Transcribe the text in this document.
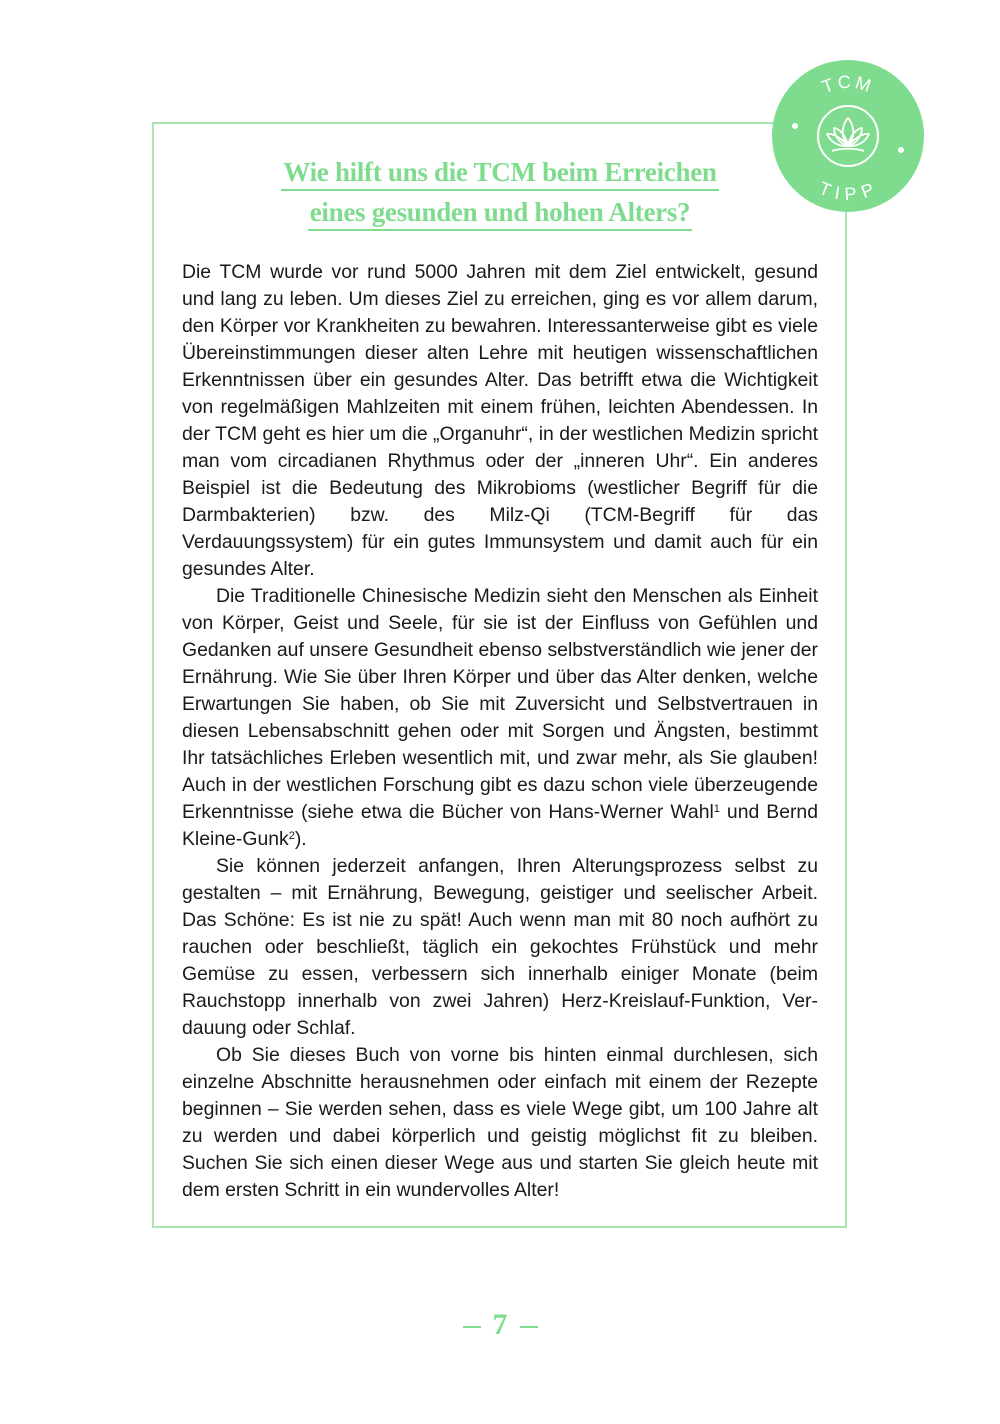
TCM
TIPP
Wie hilft uns die TCM beim Erreichen
eines gesunden und hohen Alters?

Die TCM wurde vor rund 5000 Jahren mit dem Ziel entwickelt, gesund und lang zu leben. Um dieses Ziel zu erreichen, ging es vor allem darum, den Körper vor Krankheiten zu bewahren. Interessanterweise gibt es viele Übereinstimmungen dieser alten Lehre mit heutigen wissenschaftlichen Erkenntnissen über ein gesundes Alter. Das betrifft etwa die Wichtigkeit von regelmäßigen Mahlzeiten mit einem frühen, leichten Abendessen. In der TCM geht es hier um die „Organuhr“, in der westlichen Medizin spricht man vom circadianen Rhythmus oder der „inneren Uhr“. Ein anderes Beispiel ist die Bedeutung des Mikrobioms (westlicher Begriff für die Darmbakterien) bzw. des Milz-Qi (TCM-Begriff für das Verdauungssystem) für ein gutes Immunsystem und damit auch für ein gesundes Alter.

Die Traditionelle Chinesische Medizin sieht den Menschen als Einheit von Körper, Geist und Seele, für sie ist der Einfluss von Gefühlen und Gedanken auf unsere Gesundheit ebenso selbstverständlich wie jener der Ernährung. Wie Sie über Ihren Körper und über das Alter denken, welche Erwartungen Sie haben, ob Sie mit Zuversicht und Selbstvertrauen in diesen Lebensabschnitt gehen oder mit Sorgen und Ängsten, bestimmt Ihr tatsächliches Erleben wesentlich mit, und zwar mehr, als Sie glauben! Auch in der westlichen Forschung gibt es dazu schon viele überzeugende Erkenntnisse (siehe etwa die Bücher von Hans-Werner Wahl$^1$ und Bernd Kleine-Gunk$^2$).

Sie können jederzeit anfangen, Ihren Alterungsprozess selbst zu gestalten – mit Ernährung, Bewegung, geistiger und seelischer Arbeit. Das Schöne: Es ist nie zu spät! Auch wenn man mit 80 noch aufhört zu rauchen oder beschließt, täglich ein gekochtes Frühstück und mehr Gemüse zu essen, verbessern sich innerhalb einiger Monate (beim Rauchstopp innerhalb von zwei Jahren) Herz-Kreislauf-Funktion, Verdauung oder Schlaf.

Ob Sie dieses Buch von vorne bis hinten einmal durchlesen, sich einzelne Abschnitte herausnehmen oder einfach mit einem der Rezepte beginnen – Sie werden sehen, dass es viele Wege gibt, um 100 Jahre alt zu werden und dabei körperlich und geistig möglichst fit zu bleiben. Suchen Sie sich einen dieser Wege aus und starten Sie gleich heute mit dem ersten Schritt in ein wundervolles Alter!

7
